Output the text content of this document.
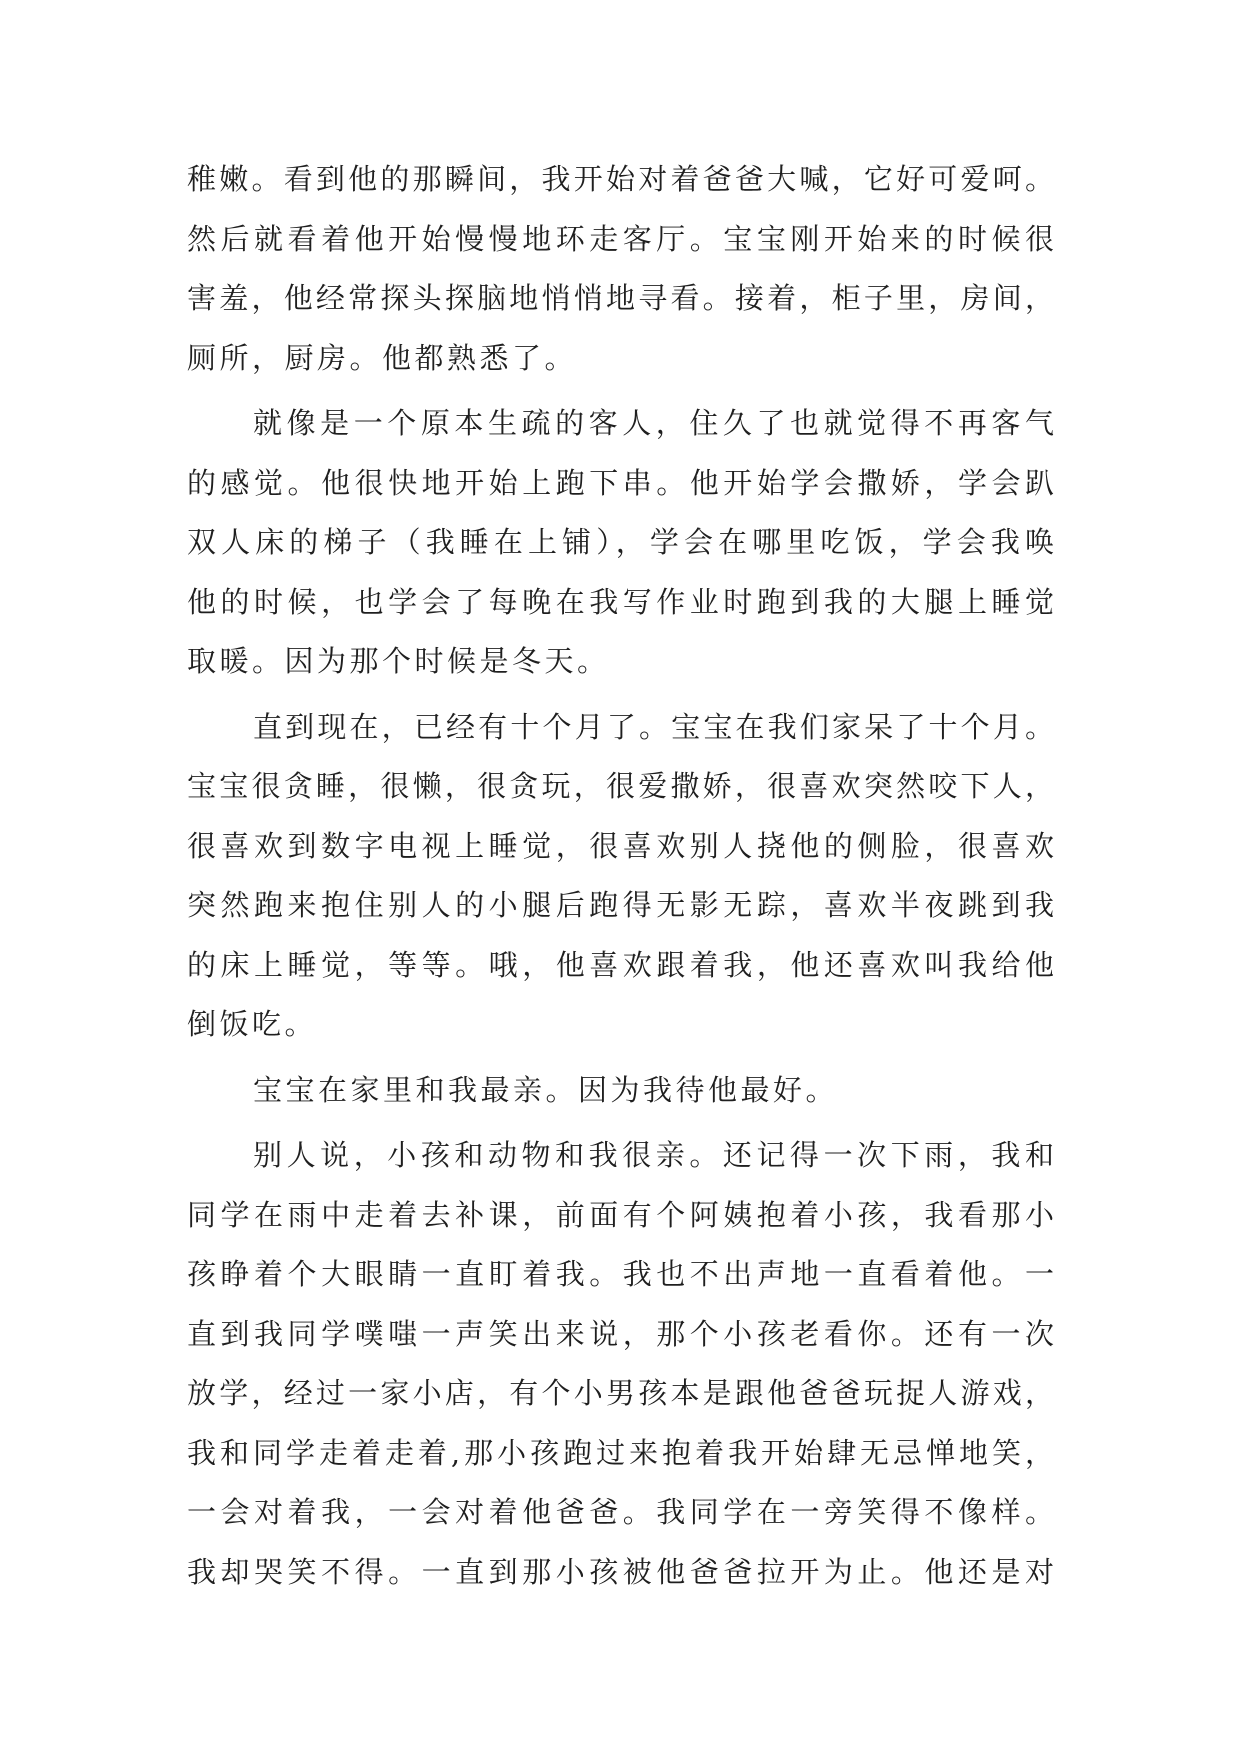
稚嫩。看到他的那瞬间，我开始对着爸爸大喊，它好可爱呵。
然后就看着他开始慢慢地环走客厅。宝宝刚开始来的时候很
害羞，他经常探头探脑地悄悄地寻看。接着，柜子里，房间，
厕所，厨房。他都熟悉了。
就像是一个原本生疏的客人，住久了也就觉得不再客气
的感觉。他很快地开始上跑下串。他开始学会撒娇，学会趴
双人床的梯子（我睡在上铺），学会在哪里吃饭，学会我唤
他的时候，也学会了每晚在我写作业时跑到我的大腿上睡觉
取暖。因为那个时候是冬天。
直到现在，已经有十个月了。宝宝在我们家呆了十个月。
宝宝很贪睡，很懒，很贪玩，很爱撒娇，很喜欢突然咬下人，
很喜欢到数字电视上睡觉，很喜欢别人挠他的侧脸，很喜欢
突然跑来抱住别人的小腿后跑得无影无踪，喜欢半夜跳到我
的床上睡觉，等等。哦，他喜欢跟着我，他还喜欢叫我给他
倒饭吃。
宝宝在家里和我最亲。因为我待他最好。
别人说，小孩和动物和我很亲。还记得一次下雨，我和
同学在雨中走着去补课，前面有个阿姨抱着小孩，我看那小
孩睁着个大眼睛一直盯着我。我也不出声地一直看着他。一
直到我同学噗嗤一声笑出来说，那个小孩老看你。还有一次
放学，经过一家小店，有个小男孩本是跟他爸爸玩捉人游戏，
我和同学走着走着,那小孩跑过来抱着我开始肆无忌惮地笑，
一会对着我，一会对着他爸爸。我同学在一旁笑得不像样。
我却哭笑不得。一直到那小孩被他爸爸拉开为止。他还是对
